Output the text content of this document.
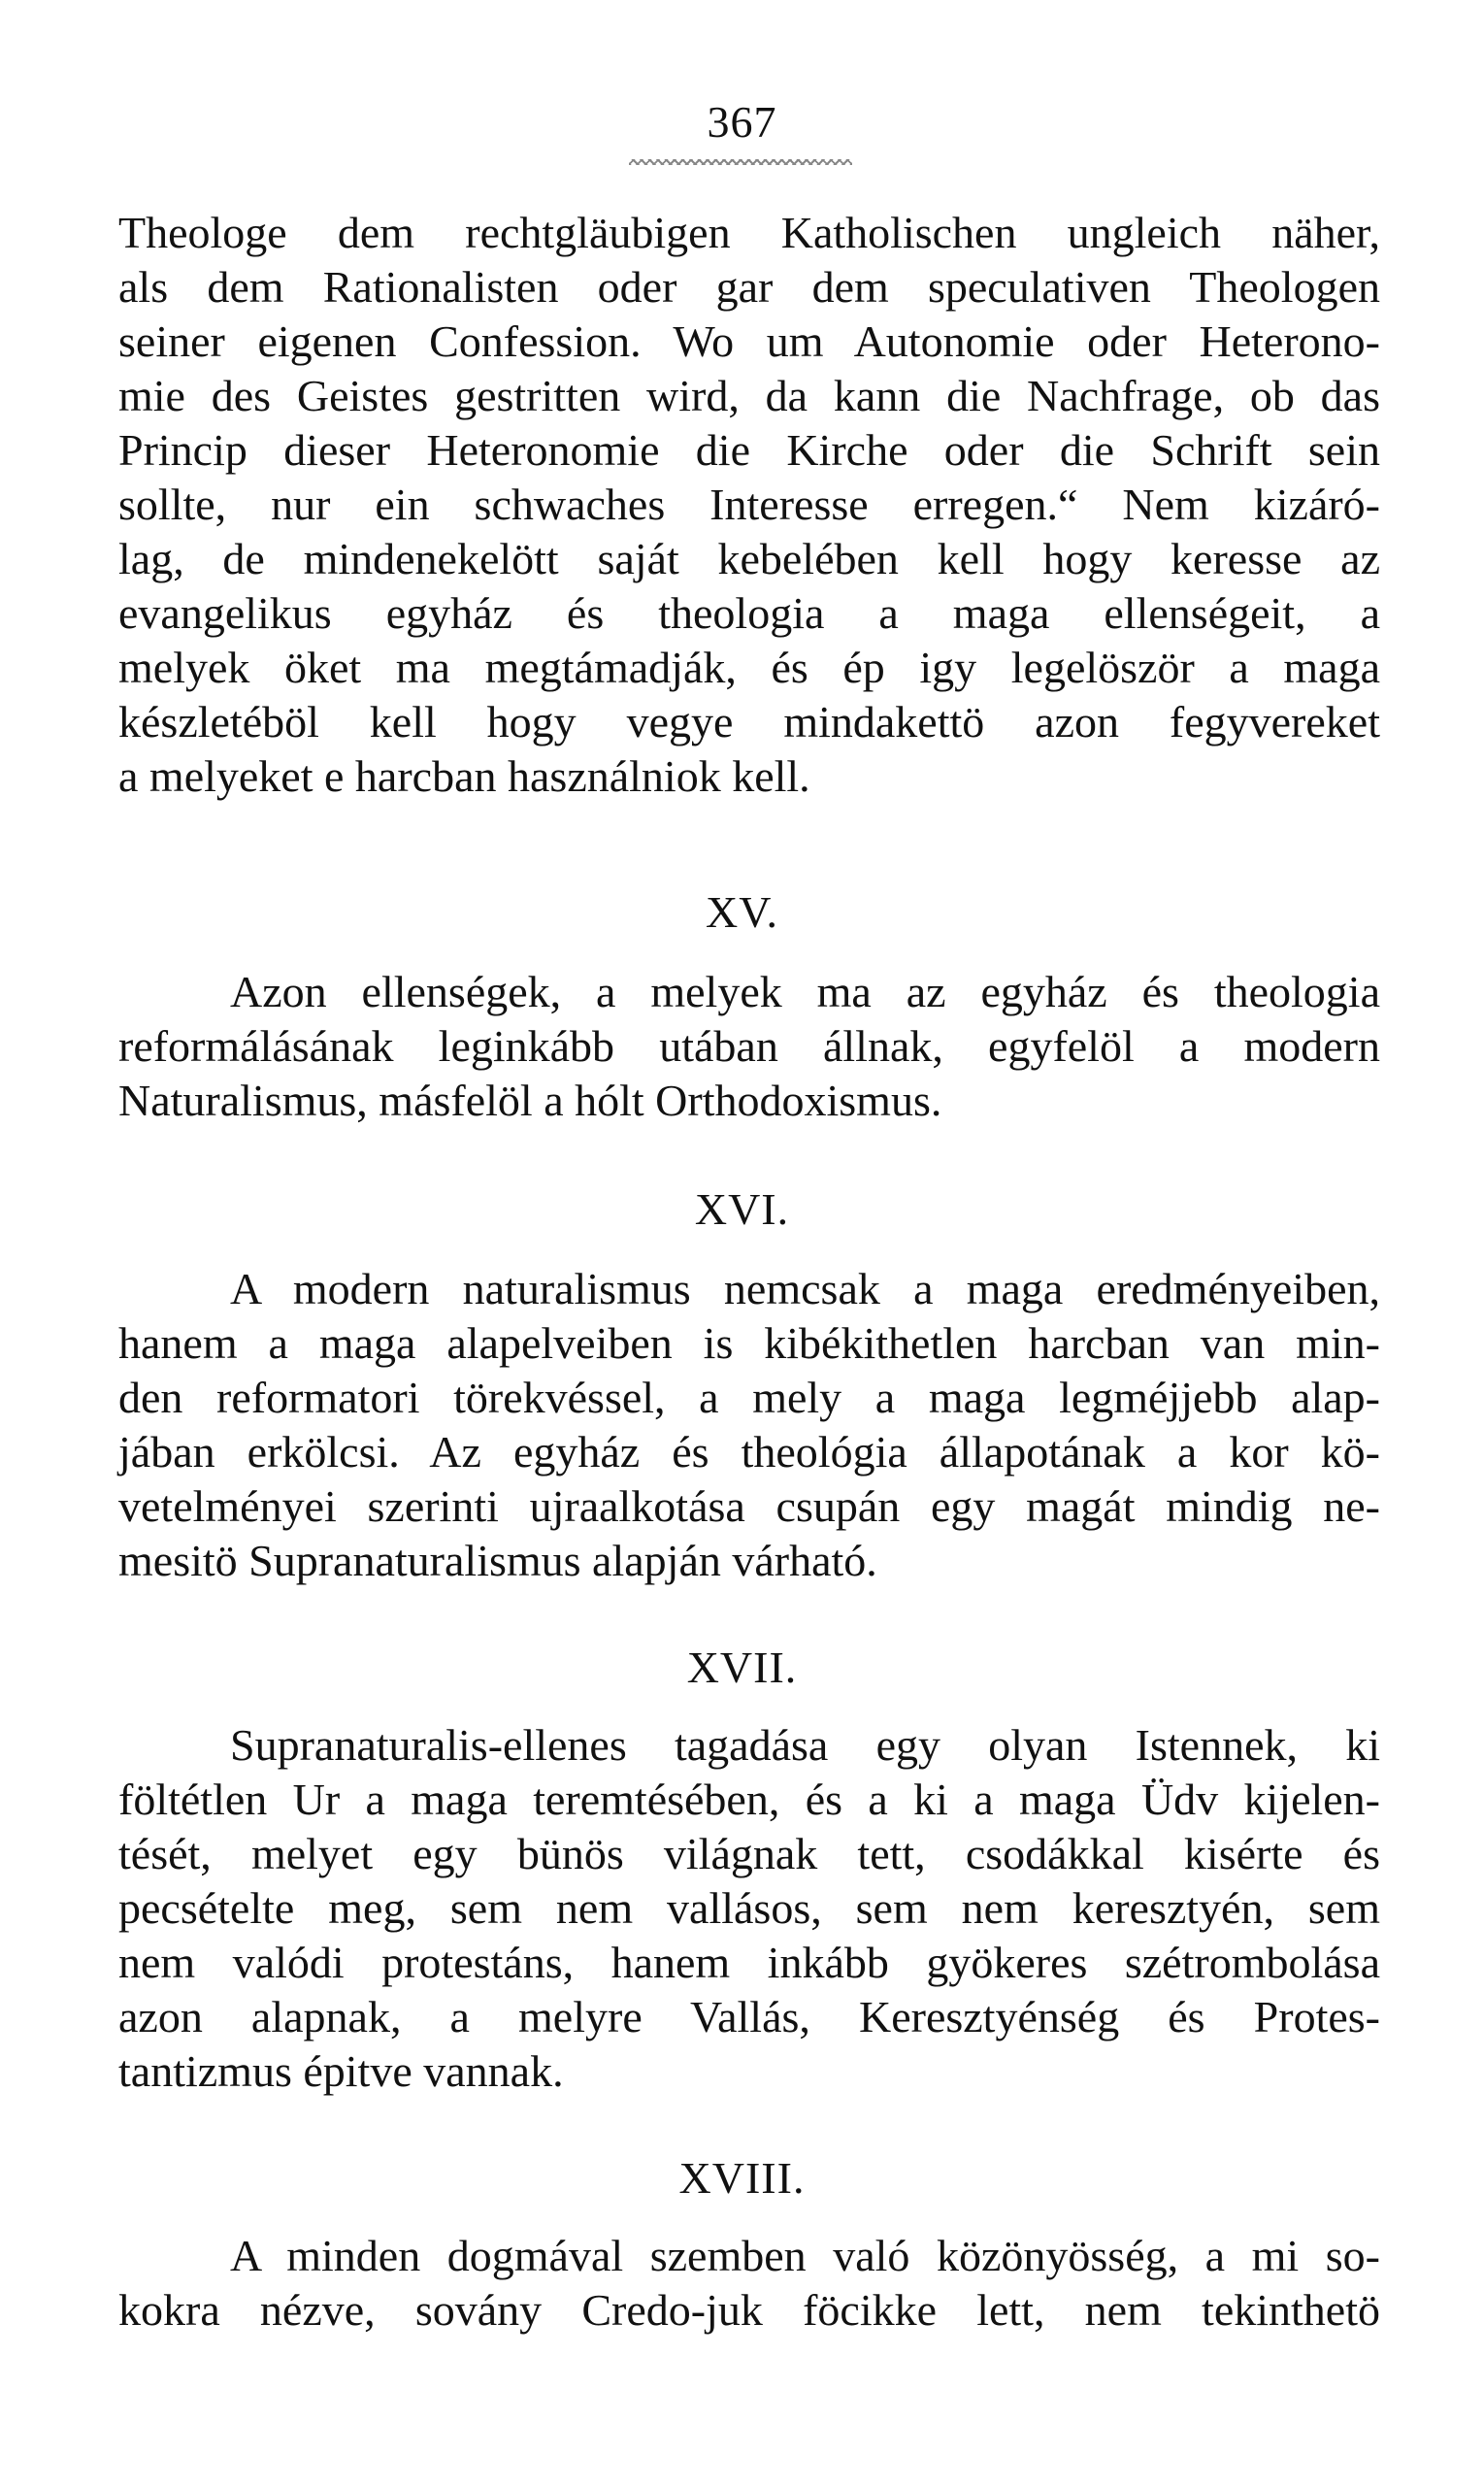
367
Theologe dem rechtgläubigen Katholischen ungleich näher,
als dem Rationalisten oder gar dem speculativen Theologen
seiner eigenen Confession. Wo um Autonomie oder Heterono-
mie des Geistes gestritten wird, da kann die Nachfrage, ob das
Princip dieser Heteronomie die Kirche oder die Schrift sein
sollte, nur ein schwaches Interesse erregen.“ Nem kizáró-
lag, de mindenekelött saját kebelében kell hogy keresse az
evangelikus egyház és theologia a maga ellenségeit, a
melyek öket ma megtámadják, és ép igy legelöször a maga
készletéböl kell hogy vegye mindakettö azon fegyvereket
a melyeket e harcban használniok kell.
XV.
Azon ellenségek, a melyek ma az egyház és theologia
reformálásának leginkább utában állnak, egyfelöl a modern
Naturalismus, másfelöl a hólt Orthodoxismus.
XVI.
A modern naturalismus nemcsak a maga eredményeiben,
hanem a maga alapelveiben is kibékithetlen harcban van min-
den reformatori törekvéssel, a mely a maga legméjjebb alap-
jában erkölcsi. Az egyház és theológia állapotának a kor kö-
vetelményei szerinti ujraalkotása csupán egy magát mindig ne-
mesitö Supranaturalismus alapján várható.
XVII.
Supranaturalis-ellenes tagadása egy olyan Istennek, ki
föltétlen Ur a maga teremtésében, és a ki a maga Üdv kijelen-
tését, melyet egy bünös világnak tett, csodákkal kisérte és
pecsételte meg, sem nem vallásos, sem nem keresztyén, sem
nem valódi protestáns, hanem inkább gyökeres szétrombolása
azon alapnak, a melyre Vallás, Keresztyénség és Protes-
tantizmus épitve vannak.
XVIII.
A minden dogmával szemben való közönyösség, a mi so-
kokra nézve, sovány Credo-juk föcikke lett, nem tekinthetö
